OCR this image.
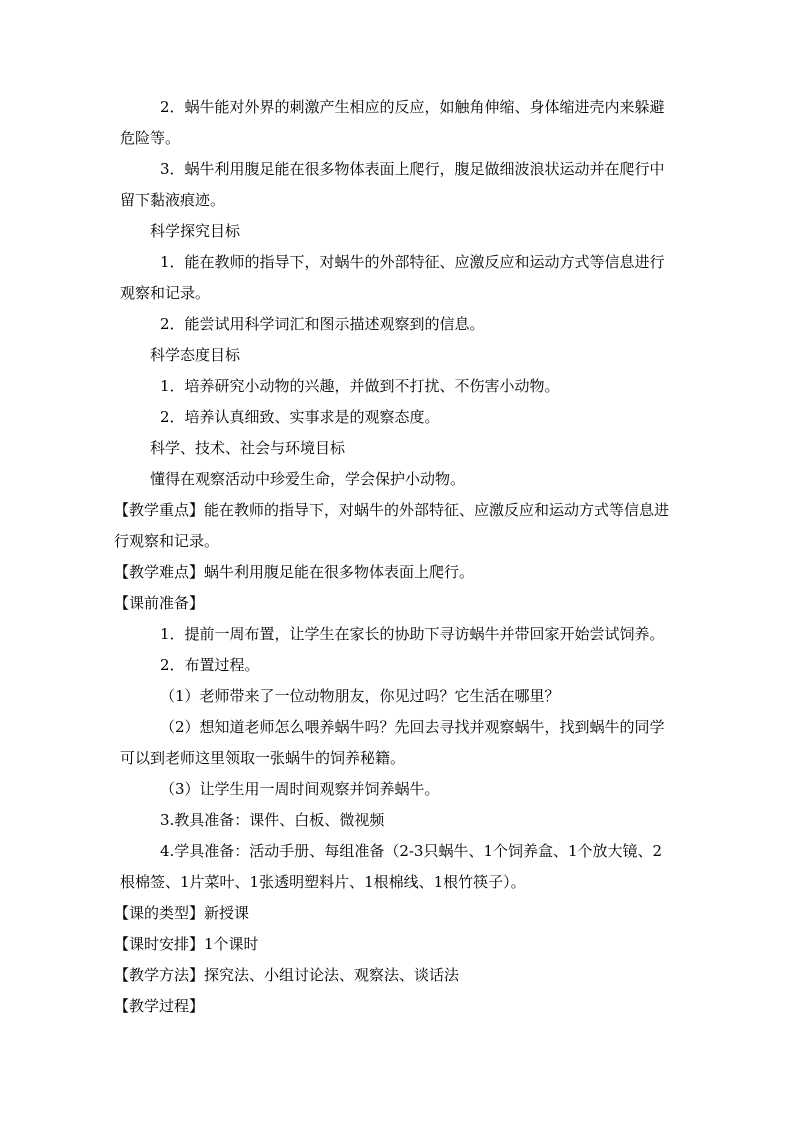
2．蜗牛能对外界的刺激产生相应的反应，如触角伸缩、身体缩进壳内来躲避危险等。

3．蜗牛利用腹足能在很多物体表面上爬行，腹足做细波浪状运动并在爬行中留下黏液痕迹。

科学探究目标

1．能在教师的指导下，对蜗牛的外部特征、应激反应和运动方式等信息进行观察和记录。

2．能尝试用科学词汇和图示描述观察到的信息。

科学态度目标

1．培养研究小动物的兴趣，并做到不打扰、不伤害小动物。

2．培养认真细致、实事求是的观察态度。

科学、技术、社会与环境目标

懂得在观察活动中珍爱生命，学会保护小动物。

【教学重点】能在教师的指导下，对蜗牛的外部特征、应激反应和运动方式等信息进行观察和记录。

【教学难点】蜗牛利用腹足能在很多物体表面上爬行。

【课前准备】

1．提前一周布置，让学生在家长的协助下寻访蜗牛并带回家开始尝试饲养。

2．布置过程。

（1）老师带来了一位动物朋友，你见过吗？它生活在哪里？

（2）想知道老师怎么喂养蜗牛吗？先回去寻找并观察蜗牛，找到蜗牛的同学可以到老师这里领取一张蜗牛的饲养秘籍。

（3）让学生用一周时间观察并饲养蜗牛。

3.教具准备：课件、白板、微视频

4.学具准备：活动手册、每组准备（2-3只蜗牛、1个饲养盒、1个放大镜、2根棉签、1片菜叶、1张透明塑料片、1根棉线、1根竹筷子）。

【课的类型】新授课

【课时安排】1个课时

【教学方法】探究法、小组讨论法、观察法、谈话法

【教学过程】
